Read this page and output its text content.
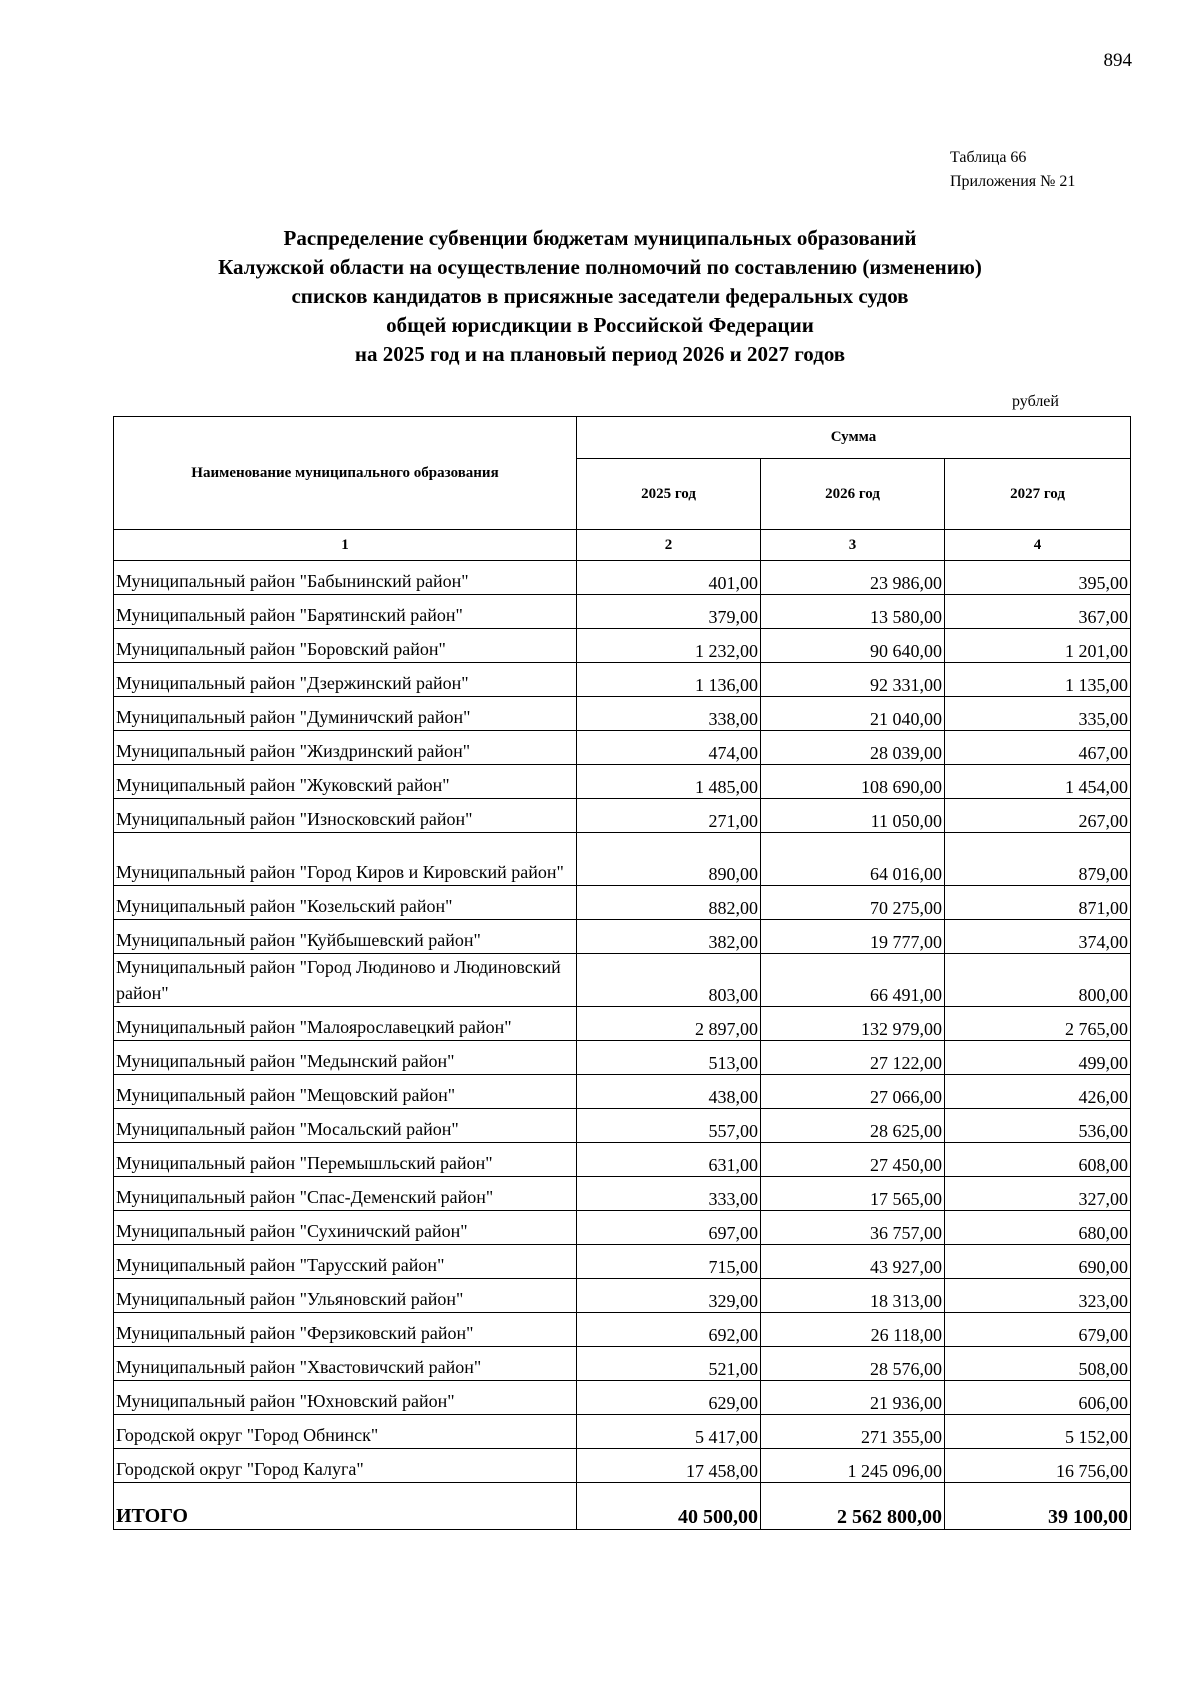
894
Таблица 66
Приложения № 21
Распределение субвенции бюджетам муниципальных образований
Калужской области на осуществление полномочий по составлению (изменению)
списков кандидатов в присяжные заседатели федеральных судов
общей юрисдикции в Российской Федерации
на 2025 год и на плановый период 2026 и 2027 годов
рублей
Наименование муниципального образования	Сумма		
	2025 год	2026 год	2027 год
1	2	3	4
Муниципальный район "Бабынинский район"	401,00	23 986,00	395,00
Муниципальный район "Барятинский район"	379,00	13 580,00	367,00
Муниципальный район "Боровский район"	1 232,00	90 640,00	1 201,00
Муниципальный район "Дзержинский район"	1 136,00	92 331,00	1 135,00
Муниципальный район "Думиничский район"	338,00	21 040,00	335,00
Муниципальный район "Жиздринский район"	474,00	28 039,00	467,00
Муниципальный район "Жуковский район"	1 485,00	108 690,00	1 454,00
Муниципальный район "Износковский район"	271,00	11 050,00	267,00
Муниципальный район "Город Киров и Кировский район"	890,00	64 016,00	879,00
Муниципальный район "Козельский район"	882,00	70 275,00	871,00
Муниципальный район "Куйбышевский район"	382,00	19 777,00	374,00
Муниципальный район "Город Людиново и Людиновский район"	803,00	66 491,00	800,00
Муниципальный район "Малоярославецкий район"	2 897,00	132 979,00	2 765,00
Муниципальный район "Медынский район"	513,00	27 122,00	499,00
Муниципальный район "Мещовский район"	438,00	27 066,00	426,00
Муниципальный район "Мосальский район"	557,00	28 625,00	536,00
Муниципальный район "Перемышльский район"	631,00	27 450,00	608,00
Муниципальный район "Спас-Деменский район"	333,00	17 565,00	327,00
Муниципальный район "Сухиничский район"	697,00	36 757,00	680,00
Муниципальный район "Тарусский район"	715,00	43 927,00	690,00
Муниципальный район "Ульяновский район"	329,00	18 313,00	323,00
Муниципальный район "Ферзиковский район"	692,00	26 118,00	679,00
Муниципальный район "Хвастовичский район"	521,00	28 576,00	508,00
Муниципальный район "Юхновский район"	629,00	21 936,00	606,00
Городской округ "Город Обнинск"	5 417,00	271 355,00	5 152,00
Городской округ "Город Калуга"	17 458,00	1 245 096,00	16 756,00
ИТОГО	40 500,00	2 562 800,00	39 100,00
